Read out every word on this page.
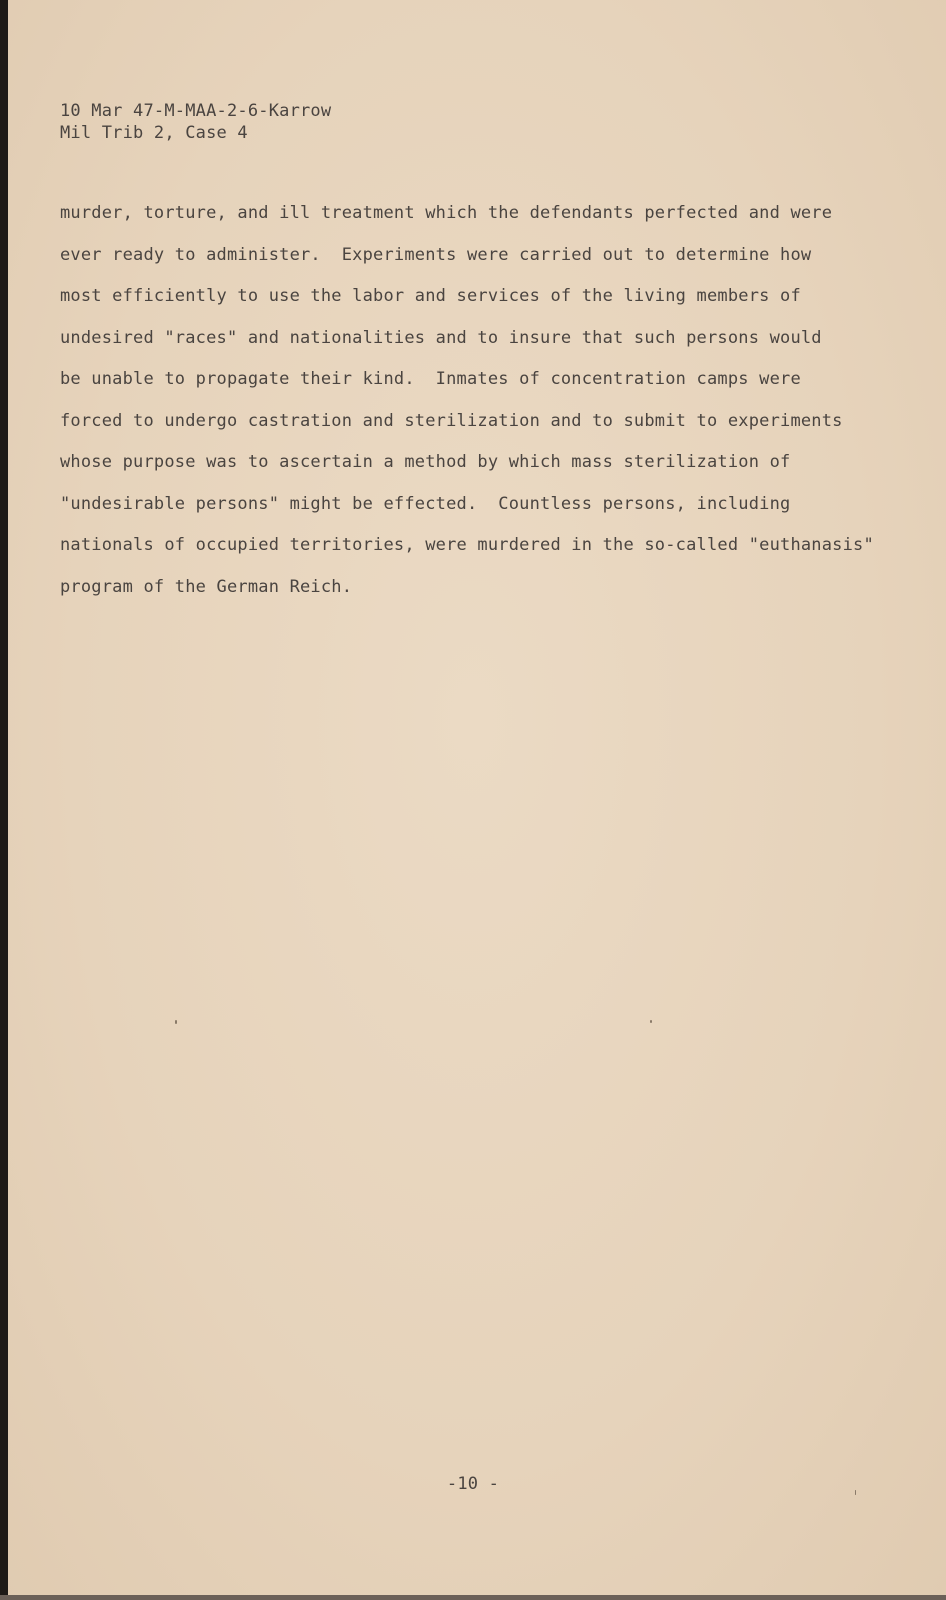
10 Mar 47-M-MAA-2-6-Karrow
Mil Trib 2, Case 4
murder, torture, and ill treatment which the defendants perfected and were
ever ready to administer.  Experiments were carried out to determine how
most efficiently to use the labor and services of the living members of
undesired "races" and nationalities and to insure that such persons would
be unable to propagate their kind.  Inmates of concentration camps were
forced to undergo castration and sterilization and to submit to experiments
whose purpose was to ascertain a method by which mass sterilization of
"undesirable persons" might be effected.  Countless persons, including
nationals of occupied territories, were murdered in the so-called "euthanasis"
program of the German Reich.
-10 -
